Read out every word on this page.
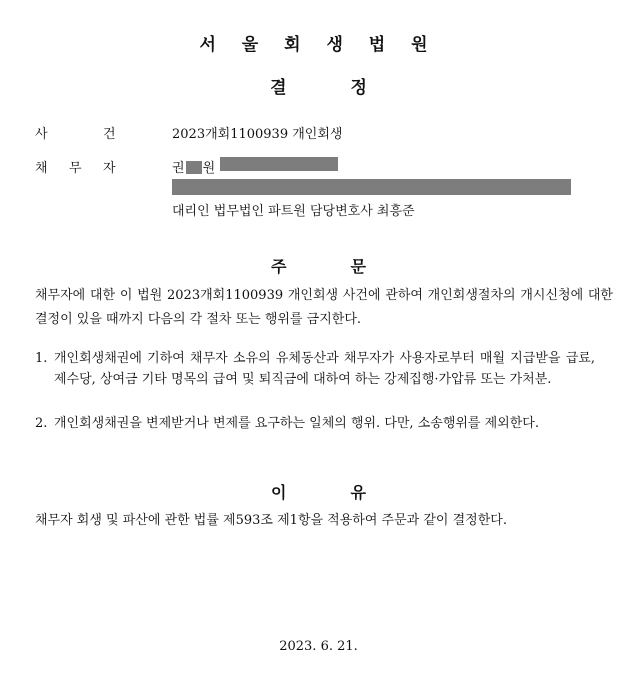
서 울 회 생 법 원
결	정
사	건	2023개회1100939 개인회생
채 무 자	권 원
대리인 법무법인 파트원 담당변호사 최흥준
주	문
채무자에 대한 이 법원 2023개회1100939 개인회생 사건에 관하여 개인회생절차의 개시신청에 대한 결정이 있을 때까지 다음의 각 절차 또는 행위를 금지한다.
1. 개인회생채권에 기하여 채무자 소유의 유체동산과 채무자가 사용자로부터 매월 지급받을 급료, 제수당, 상여금 기타 명목의 급여 및 퇴직금에 대하여 하는 강제집행·가압류 또는 가처분.
2. 개인회생채권을 변제받거나 변제를 요구하는 일체의 행위. 다만, 소송행위를 제외한다.
이	유
채무자 회생 및 파산에 관한 법률 제593조 제1항을 적용하여 주문과 같이 결정한다.
2023. 6. 21.
